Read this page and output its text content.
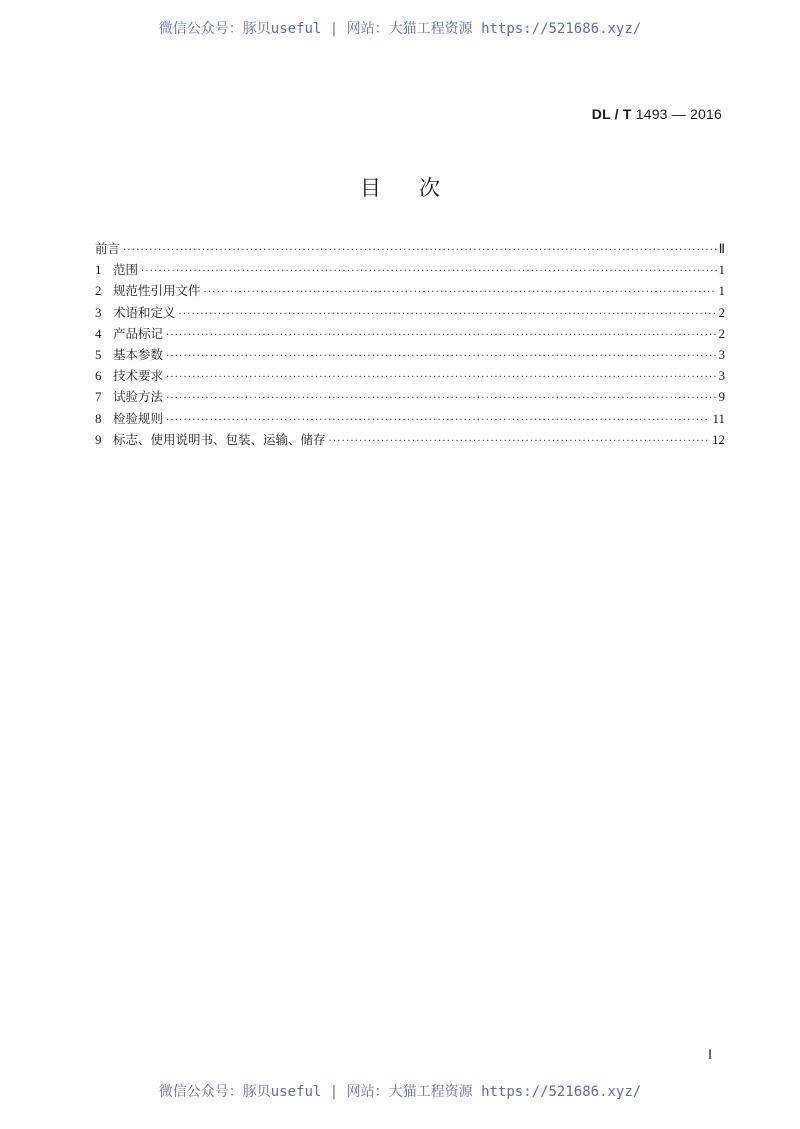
微信公众号：豚贝useful | 网站：大猫工程资源 https://521686.xyz/
DL / T 1493 — 2016
目次
前言 ·····	Ⅱ
1 范围 ·····	1
2 规范性引用文件 ·····	1
3 术语和定义 ·····	2
4 产品标记 ·····	2
5 基本参数 ·····	3
6 技术要求 ·····	3
7 试验方法 ·····	9
8 检验规则 ·····	11
9 标志、使用说明书、包装、运输、储存 ·····	12
Ⅰ
微信公众号：豚贝useful | 网站：大猫工程资源 https://521686.xyz/
